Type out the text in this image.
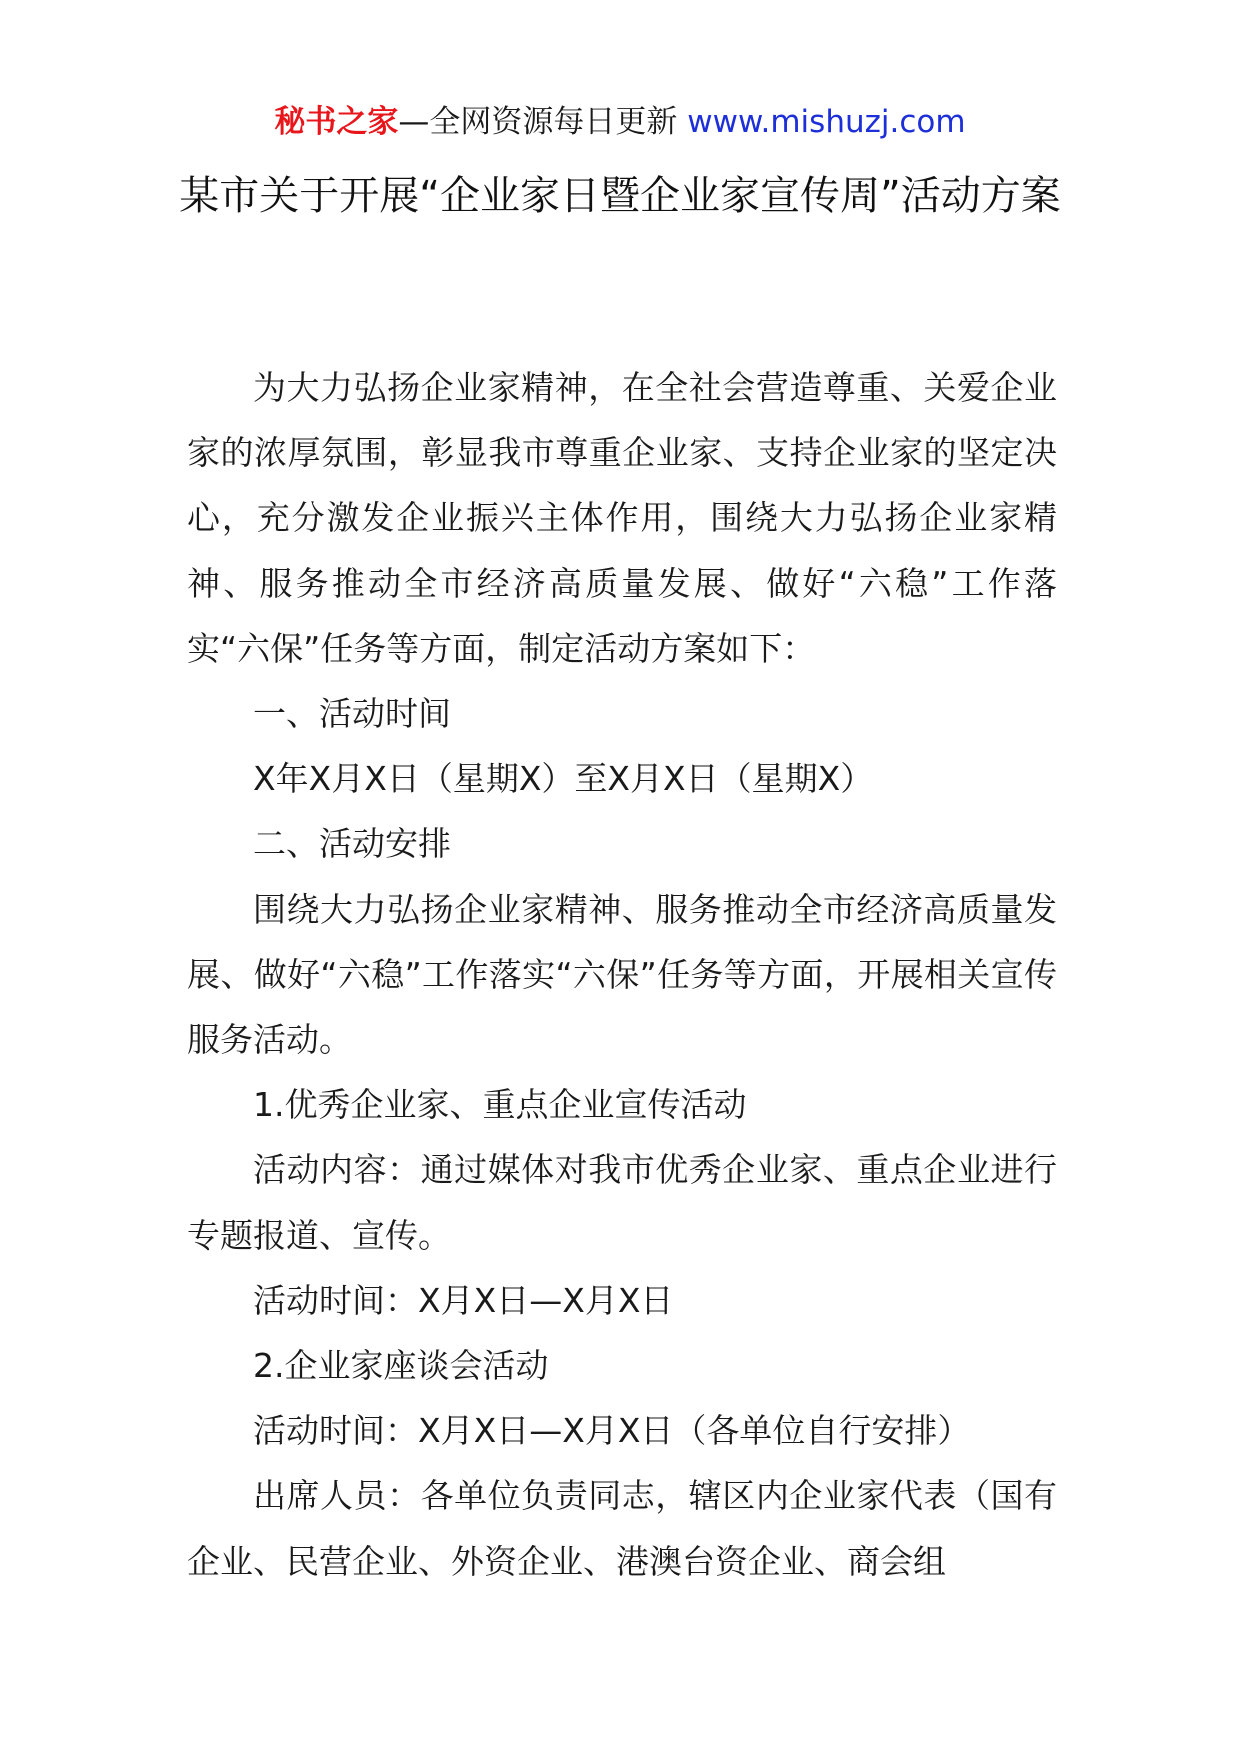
秘书之家—全网资源每日更新 www.mishuzj.com
某市关于开展“企业家日暨企业家宣传周”活动方案

为大力弘扬企业家精神，在全社会营造尊重、关爱企业家的浓厚氛围，彰显我市尊重企业家、支持企业家的坚定决心，充分激发企业振兴主体作用，围绕大力弘扬企业家精神、服务推动全市经济高质量发展、做好“六稳”工作落实“六保”任务等方面，制定活动方案如下：

一、活动时间

X年X月X日（星期X）至X月X日（星期X）

二、活动安排

围绕大力弘扬企业家精神、服务推动全市经济高质量发展、做好“六稳”工作落实“六保”任务等方面，开展相关宣传服务活动。

1.优秀企业家、重点企业宣传活动

活动内容：通过媒体对我市优秀企业家、重点企业进行专题报道、宣传。

活动时间：X月X日—X月X日

2.企业家座谈会活动

活动时间：X月X日—X月X日（各单位自行安排）

出席人员：各单位负责同志，辖区内企业家代表（国有企业、民营企业、外资企业、港澳台资企业、商会组
